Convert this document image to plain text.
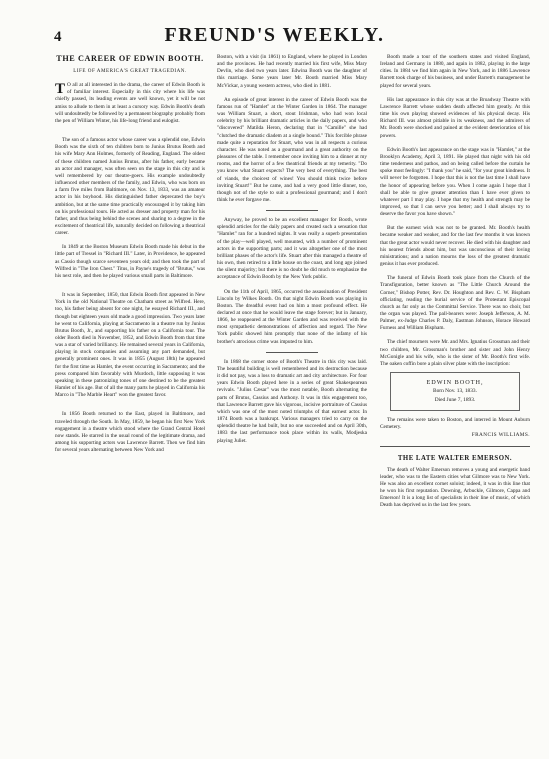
4	FREUND'S WEEKLY.
THE CAREER OF EDWIN BOOTH.
LIFE OF AMERICA'S GREAT TRAGEDIAN.

T O all at all interested in the drama, the career of Edwin Booth is of familiar interest. Especially in this city where his life was chiefly passed, its leading events are well known, yet it will be not amiss to allude to them in at least a cursory way. Edwin Booth's death will undoubtedly be followed by a permanent biography probably from the pen of William Winter, his life-long friend and eulogist.

The son of a famous actor whose career was a splendid one, Edwin Booth was the sixth of ten children born to Junius Brutus Booth and his wife Mary Ann Holmes, formerly of Reading, England. The oldest of these children named Junius Brutus, after his father, early became an actor and manager, was often seen on the stage in this city and is well remembered by our theatre-goers. His example undoubtedly influenced other members of the family, and Edwin, who was born on a farm five miles from Baltimore, on Nov. 13, 1833, was an amateur actor in his boyhood. His distinguished father deprecated the boy's ambition, but at the same time practically encouraged it by taking him on his professional tours. He acted as dresser and property man for his father, and thus being behind the scenes and sharing to a degree in the excitement of theatrical life, naturally decided on following a theatrical career.

In 1849 at the Boston Museum Edwin Booth made his debut in the little part of Tressel in "Richard III." Later, in Providence, he appeared as Cassio though scarce seventeen years old; and then took the part of Wilfred in "The Iron Chest." Titus, in Payne's tragedy of "Brutus," was his next role, and then he played various small parts in Baltimore.

It was in September, 1850, that Edwin Booth first appeared in New York in the old National Theatre on Chatham street as Wilfred. Here, too, his father being absent for one night, he essayed Richard III., and though but eighteen years old made a good impression. Two years later he went to California, playing at Sacramento in a theatre run by Junius Brutus Booth, Jr., and supporting his father on a California tour. The older Booth died in November, 1852, and Edwin Booth from that time was a star of varied brilliancy. He remained several years in California, playing in stock companies and assuming any part demanded, but generally prominent ones. It was in 1855 (August 18th) he appeared for the first time as Hamlet, the event occurring in Sacramento; and the press compared him favorably with Murdoch, little supposing it was speaking in these patronizing tones of one destined to be the greatest Hamlet of his age. But of all the many parts he played in California his Marco in "The Marble Heart" won the greatest favor.

In 1856 Booth returned to the East, played in Baltimore, and traveled through the South. In May, 1859, he began his first New York engagement in a theatre which stood where the Grand Central Hotel now stands. He starred in the usual round of the legitimate drama, and among his supporting actors was Lawrence Barrett. Then we find him for several years alternating between New York and

Boston, with a visit (in 1861) to England, where he played in London and the provinces. He had recently married his first wife, Miss Mary Devlin, who died two years later. Edwina Booth was the daughter of this marriage. Some years later Mr. Booth married Miss Mary McVickar, a young western actress, who died in 1881.

An episode of great interest in the career of Edwin Booth was the famous run of "Hamlet" at the Winter Garden in 1864. The manager was William Stuart, a short, stout Irishman, who had won local celebrity by his brilliant dramatic articles in the daily papers, and who "discovered" Matilda Heron, declaring that in "Camille" she had "clutched the dramatic diadem at a single bound." This forcible phrase made quite a reputation for Stuart, who was in all respects a curious character. He was noted as a gourmand and a great authority on the pleasures of the table. I remember once inviting him to a dinner at my rooms, and the horror of a few theatrical friends at my temerity. "Do you know what Stuart expects? The very best of everything. The best of viands, the choicest of wines! You should think twice before inviting Stuart!" But he came, and had a very good little dinner, too, though not of the style to suit a professional gourmand; and I don't think he ever forgave me.

Anyway, he proved to be an excellent manager for Booth, wrote splendid articles for the daily papers and created such a sensation that "Hamlet" ran for a hundred nights. It was really a superb presentation of the play—well played, well mounted, with a number of prominent actors in the supporting parts; and it was altogether one of the most brilliant phases of the actor's life. Stuart after this managed a theatre of his own, then retired to a little house on the coast, and long ago joined the silent majority; but there is no doubt he did much to emphasize the acceptance of Edwin Booth by the New York public.

On the 11th of April, 1865, occurred the assassination of President Lincoln by Wilkes Booth. On that night Edwin Booth was playing in Boston. The dreadful event had on him a most profound effect. He declared at once that he would leave the stage forever; but in January, 1866, he reappeared at the Winter Garden and was received with the most sympathetic demonstrations of affection and regard. The New York public showed him promptly that none of the infamy of his brother's atrocious crime was imputed to him.

In 1868 the corner stone of Booth's Theatre in this city was laid. The beautiful building is well remembered and its destruction because it did not pay, was a loss to dramatic art and city architecture. For four years Edwin Booth played here in a series of great Shakespearean revivals. "Julius Cæsar" was the most notable, Booth alternating the parts of Brutus, Cassius and Anthony. It was in this engagement too, that Lawrence Barrett gave his vigorous, incisive portraiture of Cassius which was one of the most noted triumphs of that earnest actor. In 1874 Booth was a bankrupt. Various managers tried to carry on the splendid theatre he had built, but no one succeeded and on April 30th, 1883 the last performance took place within its walls, Modjeska playing Juliet.

Booth made a tour of the southern states and visited England, Ireland and Germany in 1880, and again in 1882, playing in the large cities. In 1884 we find him again in New York, and in 1886 Lawrence Barrett took charge of his business, and under Barrett's management he played for several years.

His last appearance in this city was at the Broadway Theatre with Lawrence Barrett whose sudden death affected him greatly. At this time his own playing showed evidences of his physical decay. His Richard III. was almost pitiable in its weakness, and the admirers of Mr. Booth were shocked and pained at the evident deterioration of his powers.

Edwin Booth's last appearance on the stage was in "Hamlet," at the Brooklyn Academy, April 3, 1891. He played that night with his old time tenderness and pathos, and on being called before the curtain he spoke most feelingly: "I thank you" he said, "for your great kindness. It will never be forgotten. I hope that this is not the last time I shall have the honor of appearing before you. When I come again I hope that I shall be able to give greater attention than I have ever given to whatever part I may play. I hope that my health and strength may be improved, so that I can serve you better; and I shall always try to deserve the favor you have shown."

But the earnest wish was not to be granted. Mr. Booth's health became weaker and weaker, and for the last few months it was known that the great actor would never recover. He died with his daughter and his nearest friends about him, but was unconscious of their loving ministrations; and a nation mourns the loss of the greatest dramatic genius it has ever produced.

The funeral of Edwin Booth took place from the Church of the Transfiguration, better known as "The Little Church Around the Corner," Bishop Potter, Rev. Dr. Houghton and Rev. C. W. Bispham officiating, reading the burial service of the Protestant Episcopal church as far only as the Committal Service. There was no choir, but the organ was played. The pall-bearers were: Joseph Jefferson, A. M. Palmer, ex-Judge Charles P. Daly, Eastman Johnson, Horace Howard Furness and William Bispham.

The chief mourners were Mr. and Mrs. Ignatius Grossman and their two children, Mr. Grossman's brother and sister and John Henry McGonigle and his wife, who is the sister of Mr. Booth's first wife. The oaken coffin bore a plain silver plate with the inscription:

EDWIN BOOTH,
Born Nov. 13, 1833.
Died June 7, 1893.

The remains were taken to Boston, and interred in Mount Auburn Cemetery.

FRANCIS WILLIAMS.
THE LATE WALTER EMERSON.

The death of Walter Emerson removes a young and energetic band leader, who was to the Eastern cities what Gilmore was to New York. He was also an excellent cornet soloist; indeed, it was in this line that he won his first reputation. Downing, Arbuckle, Gilmore, Cappa and Emerson! It is a long list of specialists in their line of music, of which Death has deprived us in the last few years.
